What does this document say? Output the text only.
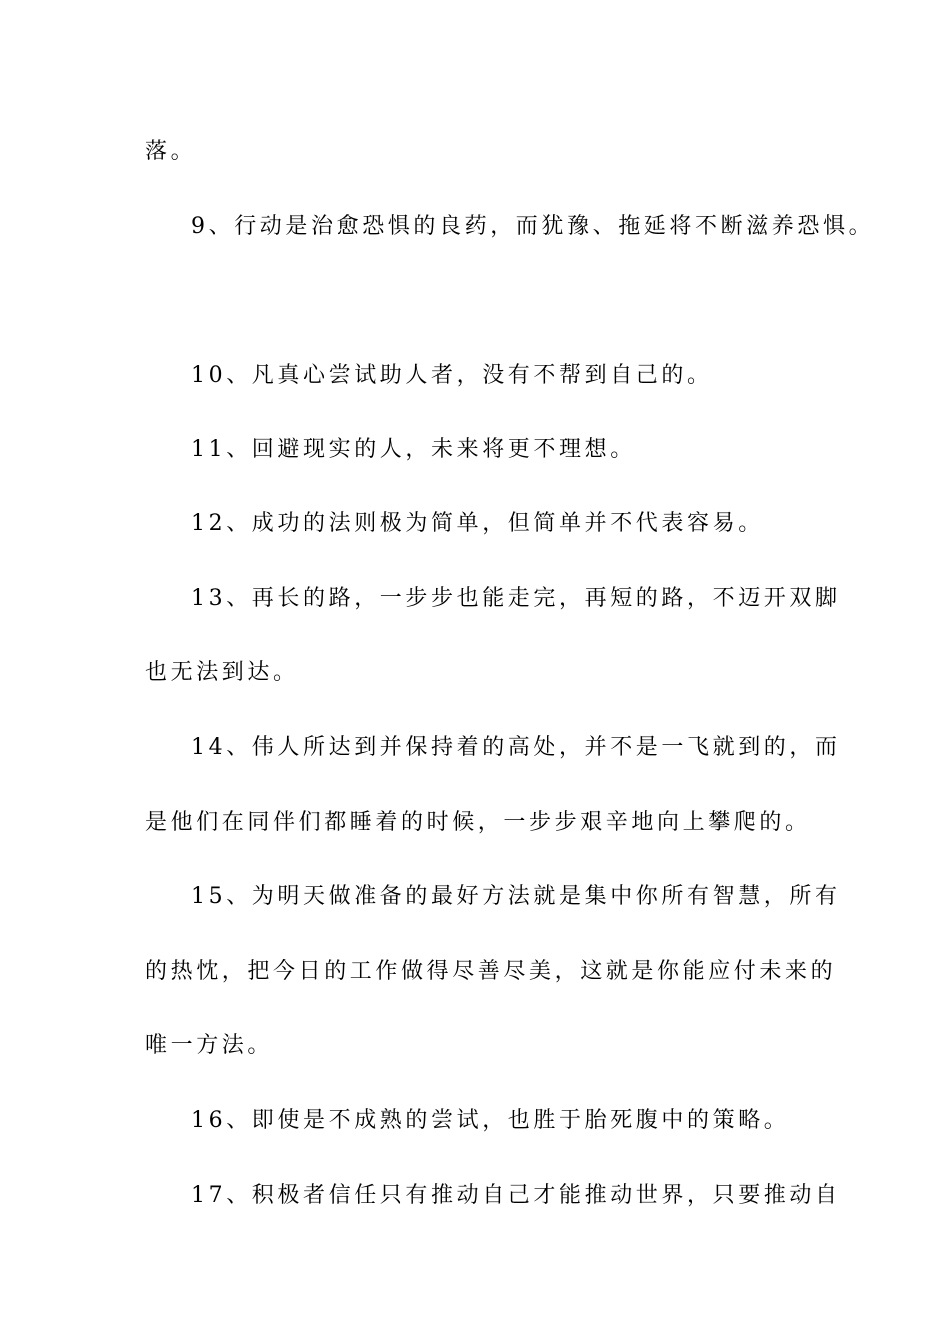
落。

9、行动是治愈恐惧的良药，而犹豫、拖延将不断滋养恐惧。

10、凡真心尝试助人者，没有不帮到自己的。

11、回避现实的人，未来将更不理想。

12、成功的法则极为简单，但简单并不代表容易。

13、再长的路，一步步也能走完，再短的路，不迈开双脚

也无法到达。

14、伟人所达到并保持着的高处，并不是一飞就到的，而

是他们在同伴们都睡着的时候，一步步艰辛地向上攀爬的。

15、为明天做准备的最好方法就是集中你所有智慧，所有

的热忱，把今日的工作做得尽善尽美，这就是你能应付未来的

唯一方法。

16、即使是不成熟的尝试，也胜于胎死腹中的策略。

17、积极者信任只有推动自己才能推动世界，只要推动自
